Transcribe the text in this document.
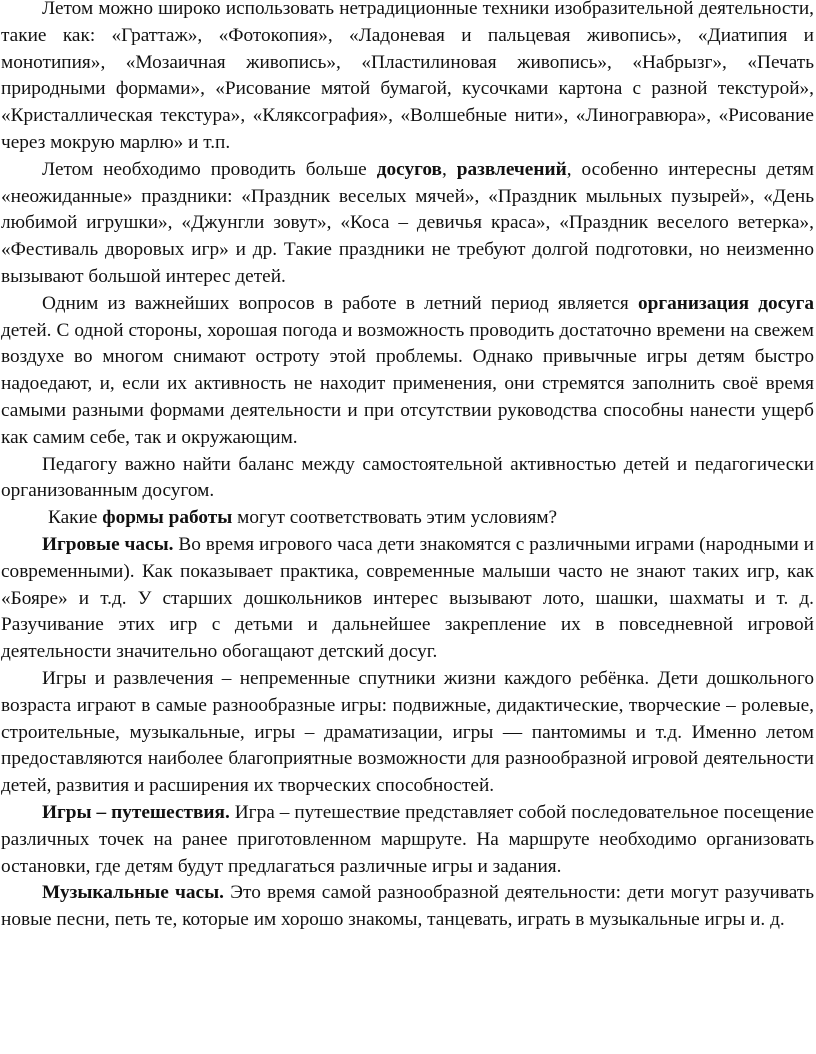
Летом можно широко использовать нетрадиционные техники изобразительной деятельности, такие как: «Граттаж», «Фотокопия», «Ладоневая и пальцевая живопись», «Диатипия и монотипия», «Мозаичная живопись», «Пластилиновая живопись», «Набрызг», «Печать природными формами», «Рисование мятой бумагой, кусочками картона с разной текстурой», «Кристаллическая текстура», «Кляксография», «Волшебные нити», «Линогравюра», «Рисование через мокрую марлю» и т.п.

Летом необходимо проводить больше досугов, развлечений, особенно интересны детям «неожиданные» праздники: «Праздник веселых мячей», «Праздник мыльных пузырей», «День любимой игрушки», «Джунгли зовут», «Коса – девичья краса», «Праздник веселого ветерка», «Фестиваль дворовых игр» и др. Такие праздники не требуют долгой подготовки, но неизменно вызывают большой интерес детей.

Одним из важнейших вопросов в работе в летний период является организация досуга детей. С одной стороны, хорошая погода и возможность проводить достаточно времени на свежем воздухе во многом снимают остроту этой проблемы. Однако привычные игры детям быстро надоедают, и, если их активность не находит применения, они стремятся заполнить своё время самыми разными формами деятельности и при отсутствии руководства способны нанести ущерб как самим себе, так и окружающим.

Педагогу важно найти баланс между самостоятельной активностью детей и педагогически организованным досугом.

Какие формы работы могут соответствовать этим условиям?

Игровые часы. Во время игрового часа дети знакомятся с различными играми (народными и современными). Как показывает практика, современные малыши часто не знают таких игр, как «Бояре» и т.д. У старших дошкольников интерес вызывают лото, шашки, шахматы и т. д. Разучивание этих игр с детьми и дальнейшее закрепление их в повседневной игровой деятельности значительно обогащают детский досуг.

Игры и развлечения – непременные спутники жизни каждого ребёнка. Дети дошкольного возраста играют в самые разнообразные игры: подвижные, дидактические, творческие – ролевые, строительные, музыкальные, игры – драматизации, игры — пантомимы и т.д. Именно летом предоставляются наиболее благоприятные возможности для разнообразной игровой деятельности детей, развития и расширения их творческих способностей.

Игры – путешествия. Игра – путешествие представляет собой последовательное посещение различных точек на ранее приготовленном маршруте. На маршруте необходимо организовать остановки, где детям будут предлагаться различные игры и задания.

Музыкальные часы. Это время самой разнообразной деятельности: дети могут разучивать новые песни, петь те, которые им хорошо знакомы, танцевать, играть в музыкальные игры и. д.
